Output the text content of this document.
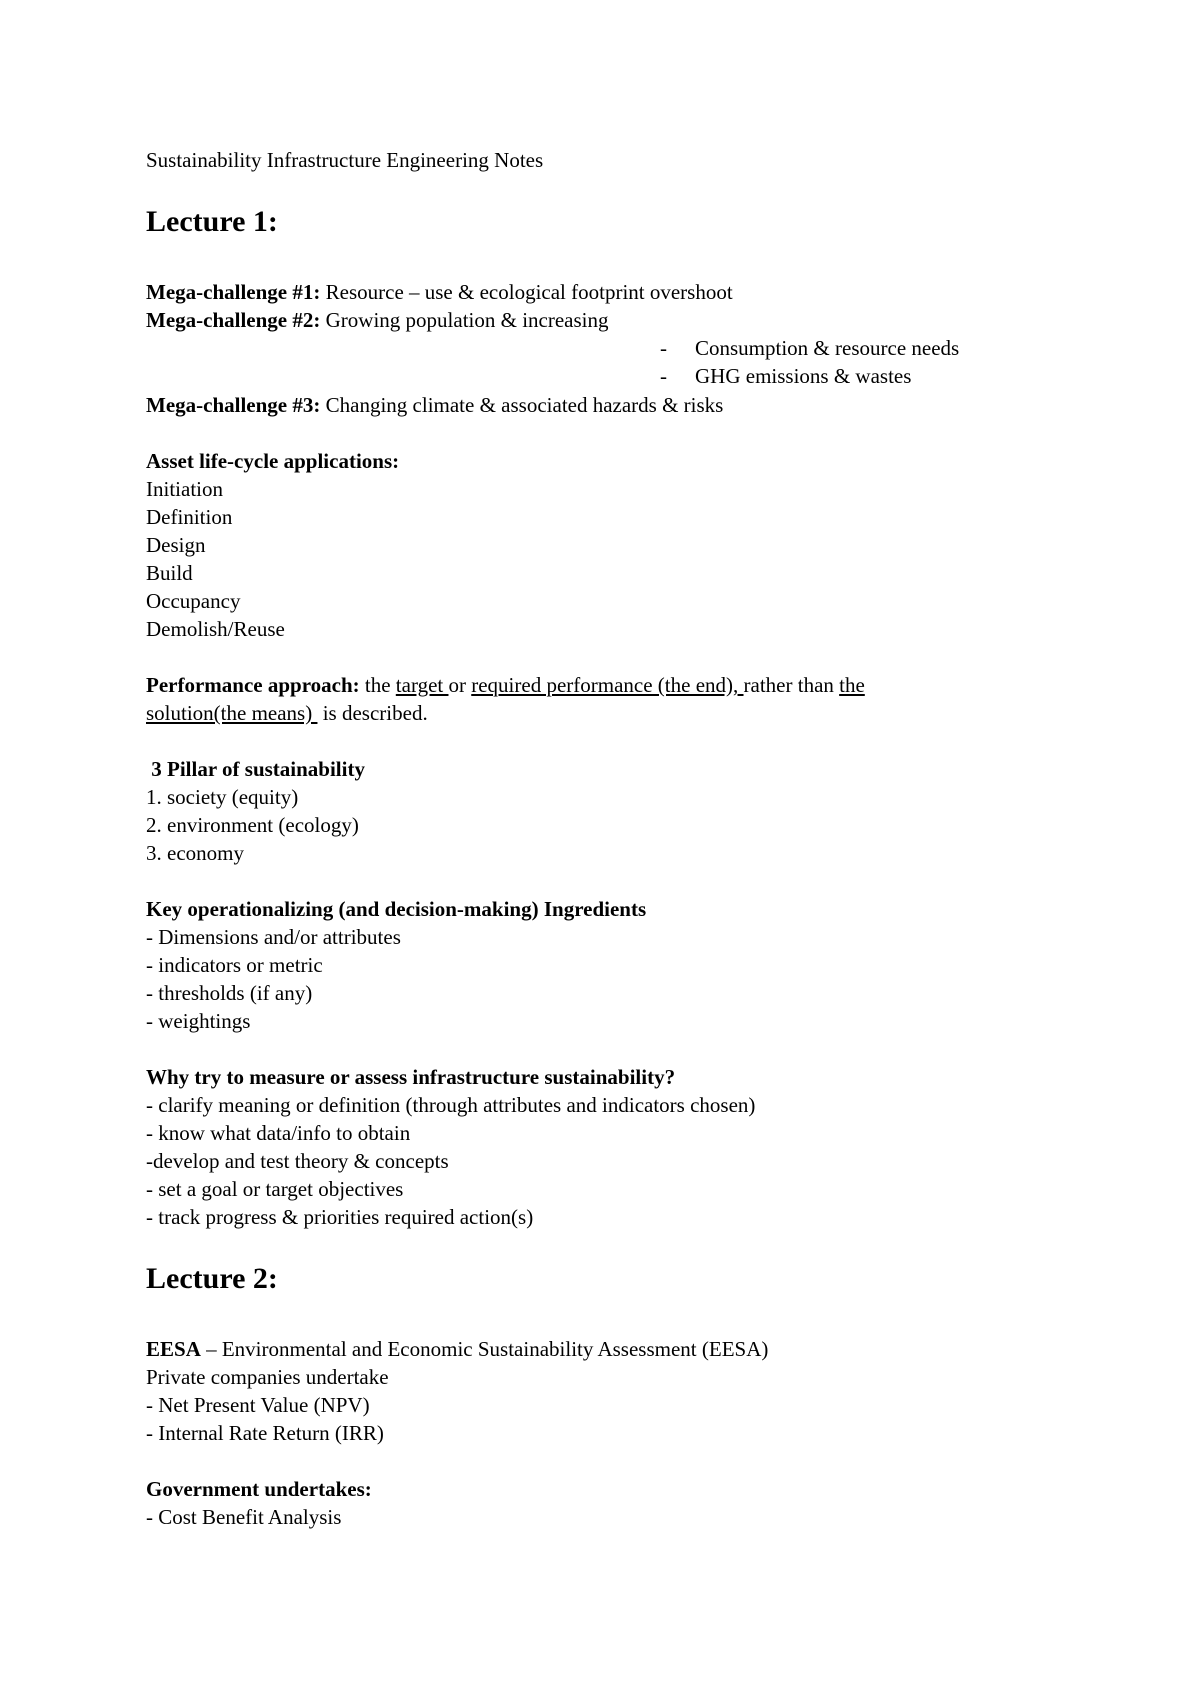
Sustainability Infrastructure Engineering Notes
Lecture 1:
Mega-challenge #1: Resource – use & ecological footprint overshoot
Mega-challenge #2: Growing population & increasing
- Consumption & resource needs
- GHG emissions & wastes
Mega-challenge #3: Changing climate & associated hazards & risks
Asset life-cycle applications:
Initiation
Definition
Design
Build
Occupancy
Demolish/Reuse
Performance approach: the target or required performance (the end), rather than the
solution(the means)  is described.
3 Pillar of sustainability
1. society (equity)
2. environment (ecology)
3. economy
Key operationalizing (and decision-making) Ingredients
- Dimensions and/or attributes
- indicators or metric
- thresholds (if any)
- weightings
Why try to measure or assess infrastructure sustainability?
- clarify meaning or definition (through attributes and indicators chosen)
- know what data/info to obtain
-develop and test theory & concepts
- set a goal or target objectives
- track progress & priorities required action(s)
Lecture 2:
EESA – Environmental and Economic Sustainability Assessment (EESA)
Private companies undertake
- Net Present Value (NPV)
- Internal Rate Return (IRR)
Government undertakes:
- Cost Benefit Analysis
